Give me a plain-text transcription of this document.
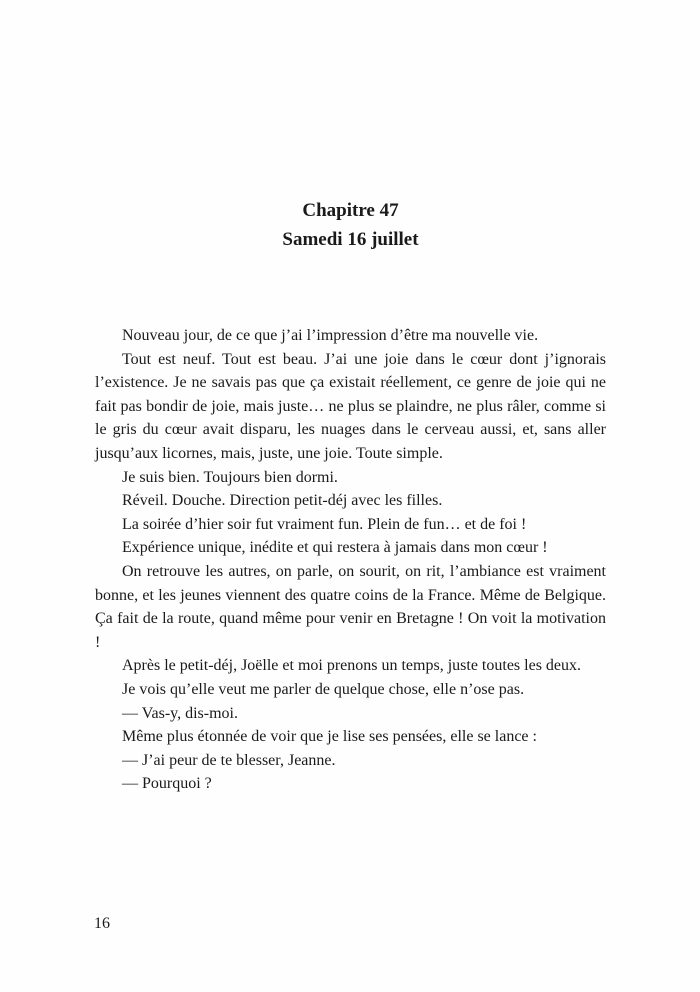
Chapitre 47
Samedi 16 juillet

Nouveau jour, de ce que j’ai l’impression d’être ma nouvelle vie.

Tout est neuf. Tout est beau. J’ai une joie dans le cœur dont j’ignorais l’existence. Je ne savais pas que ça existait réellement, ce genre de joie qui ne fait pas bondir de joie, mais juste… ne plus se plaindre, ne plus râler, comme si le gris du cœur avait disparu, les nuages dans le cerveau aussi, et, sans aller jusqu’aux licornes, mais, juste, une joie. Toute simple.

Je suis bien. Toujours bien dormi.

Réveil. Douche. Direction petit-déj avec les filles.

La soirée d’hier soir fut vraiment fun. Plein de fun… et de foi !

Expérience unique, inédite et qui restera à jamais dans mon cœur !

On retrouve les autres, on parle, on sourit, on rit, l’ambiance est vraiment bonne, et les jeunes viennent des quatre coins de la France. Même de Belgique. Ça fait de la route, quand même pour venir en Bretagne ! On voit la motivation !

Après le petit-déj, Joëlle et moi prenons un temps, juste toutes les deux.

Je vois qu’elle veut me parler de quelque chose, elle n’ose pas.

— Vas-y, dis-moi.

Même plus étonnée de voir que je lise ses pensées, elle se lance :

— J’ai peur de te blesser, Jeanne.

— Pourquoi ?

16
